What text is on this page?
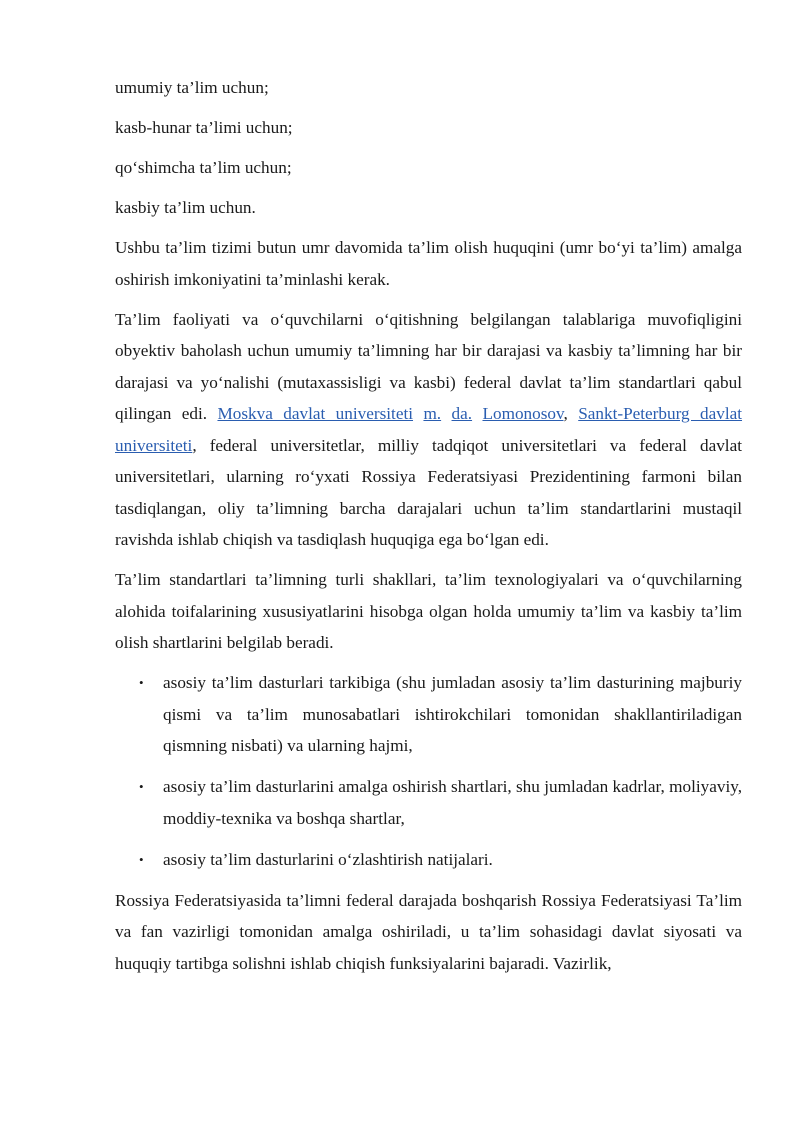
umumiy ta’lim uchun;

kasb-hunar ta’limi uchun;

qo‘shimcha ta’lim uchun;

kasbiy ta’lim uchun.

Ushbu ta’lim tizimi butun umr davomida ta’lim olish huquqini (umr bo‘yi ta’lim) amalga oshirish imkoniyatini ta’minlashi kerak.

Ta’lim faoliyati va o‘quvchilarni o‘qitishning belgilangan talablariga muvofiqligini obyektiv baholash uchun umumiy ta’limning har bir darajasi va kasbiy ta’limning har bir darajasi va yo‘nalishi (mutaxassisligi va kasbi) federal davlat ta’lim standartlari qabul qilingan edi. Moskva davlat universiteti m. da. Lomonosov, Sankt-Peterburg davlat universiteti, federal universitetlar, milliy tadqiqot universitetlari va federal davlat universitetlari, ularning ro‘yxati Rossiya Federatsiyasi Prezidentining farmoni bilan tasdiqlangan, oliy ta’limning barcha darajalari uchun ta’lim standartlarini mustaqil ravishda ishlab chiqish va tasdiqlash huquqiga ega bo‘lgan edi.

Ta’lim standartlari ta’limning turli shakllari, ta’lim texnologiyalari va o‘quvchilarning alohida toifalarining xususiyatlarini hisobga olgan holda umumiy ta’lim va kasbiy ta’lim olish shartlarini belgilab beradi.

• asosiy ta’lim dasturlari tarkibiga (shu jumladan asosiy ta’lim dasturining majburiy qismi va ta’lim munosabatlari ishtirokchilari tomonidan shakllantiriladigan qismning nisbati) va ularning hajmi,
• asosiy ta’lim dasturlarini amalga oshirish shartlari, shu jumladan kadrlar, moliyaviy, moddiy-texnika va boshqa shartlar,
• asosiy ta’lim dasturlarini o‘zlashtirish natijalari.

Rossiya Federatsiyasida ta’limni federal darajada boshqarish Rossiya Federatsiyasi Ta’lim va fan vazirligi tomonidan amalga oshiriladi, u ta’lim sohasidagi davlat siyosati va huquqiy tartibga solishni ishlab chiqish funksiyalarini bajaradi. Vazirlik,
